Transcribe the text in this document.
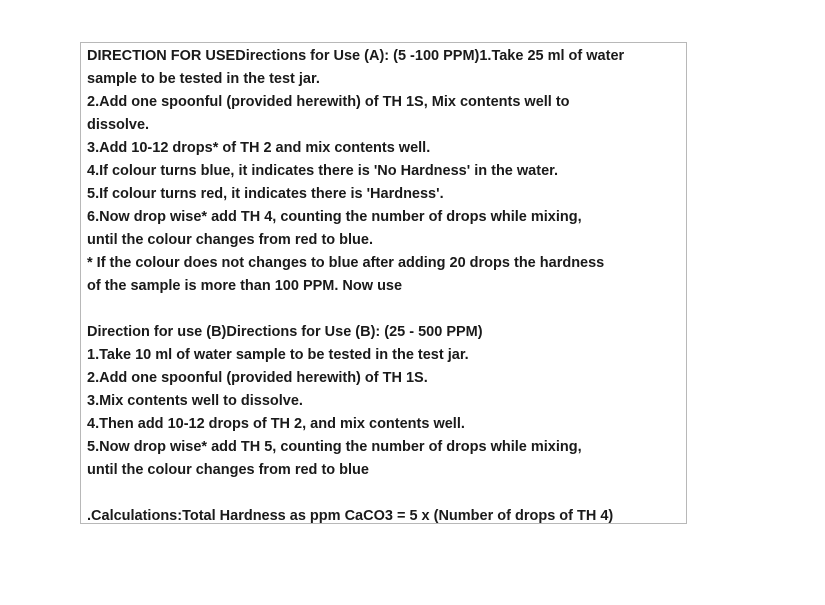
DIRECTION FOR USEDirections for Use (A): (5 -100 PPM)1.Take 25 ml of water
sample to be tested in the test jar.
2.Add one spoonful (provided herewith) of TH 1S, Mix contents well to
dissolve.
3.Add 10-12 drops* of TH 2 and mix contents well.
4.If colour turns blue, it indicates there is 'No Hardness' in the water.
5.If colour turns red, it indicates there is 'Hardness'.
6.Now drop wise* add TH 4, counting the number of drops while mixing,
until the colour changes from red to blue.
* If the colour does not changes to blue after adding 20 drops the hardness
of the sample is more than 100 PPM. Now use
Direction for use (B)Directions for Use (B): (25 - 500 PPM)
1.Take 10 ml of water sample to be tested in the test jar.
2.Add one spoonful (provided herewith) of TH 1S.
3.Mix contents well to dissolve.
4.Then add 10-12 drops of TH 2, and mix contents well.
5.Now drop wise* add TH 5, counting the number of drops while mixing,
until the colour changes from red to blue
.Calculations:Total Hardness as ppm CaCO3 = 5 x (Number of drops of TH 4)
